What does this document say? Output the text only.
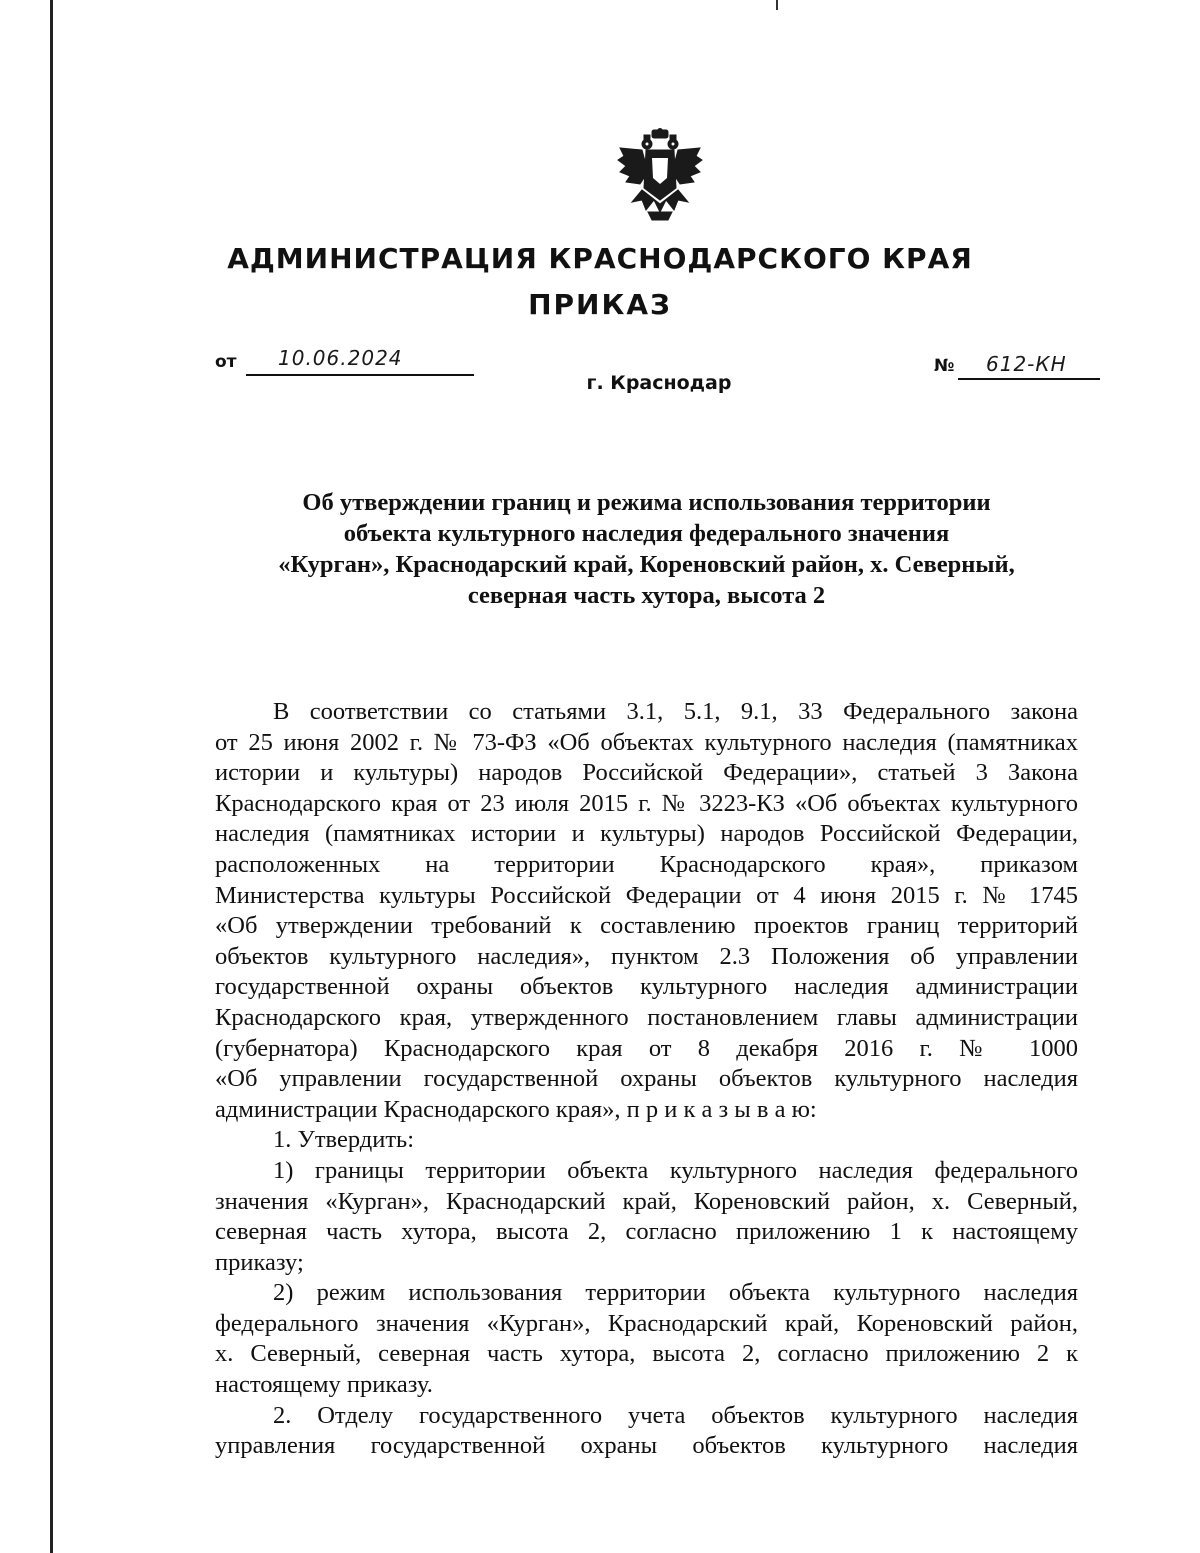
АДМИНИСТРАЦИЯ КРАСНОДАРСКОГО КРАЯ
ПРИКАЗ
от 10.06.2024	№ 612-КН
г. Краснодар
Об утверждении границ и режима использования территории
объекта культурного наследия федерального значения
«Курган», Краснодарский край, Кореновский район, х. Северный,
северная часть хутора, высота 2
В соответствии со статьями 3.1, 5.1, 9.1, 33 Федерального закона
от 25 июня 2002 г. № 73-ФЗ «Об объектах культурного наследия (памятниках
истории и культуры) народов Российской Федерации», статьей 3 Закона
Краснодарского края от 23 июля 2015 г. № 3223-КЗ «Об объектах культурного
наследия (памятниках истории и культуры) народов Российской Федерации,
расположенных на территории Краснодарского края», приказом
Министерства культуры Российской Федерации от 4 июня 2015 г. № 1745
«Об утверждении требований к составлению проектов границ территорий
объектов культурного наследия», пунктом 2.3 Положения об управлении
государственной охраны объектов культурного наследия администрации
Краснодарского края, утвержденного постановлением главы администрации
(губернатора) Краснодарского края от 8 декабря 2016 г. № 1000
«Об управлении государственной охраны объектов культурного наследия
администрации Краснодарского края», п р и к а з ы в а ю:
1. Утвердить:
1) границы территории объекта культурного наследия федерального
значения «Курган», Краснодарский край, Кореновский район, х. Северный,
северная часть хутора, высота 2, согласно приложению 1 к настоящему
приказу;
2) режим использования территории объекта культурного наследия
федерального значения «Курган», Краснодарский край, Кореновский район,
х. Северный, северная часть хутора, высота 2, согласно приложению 2 к
настоящему приказу.
2. Отделу государственного учета объектов культурного наследия
управления государственной охраны объектов культурного наследия
